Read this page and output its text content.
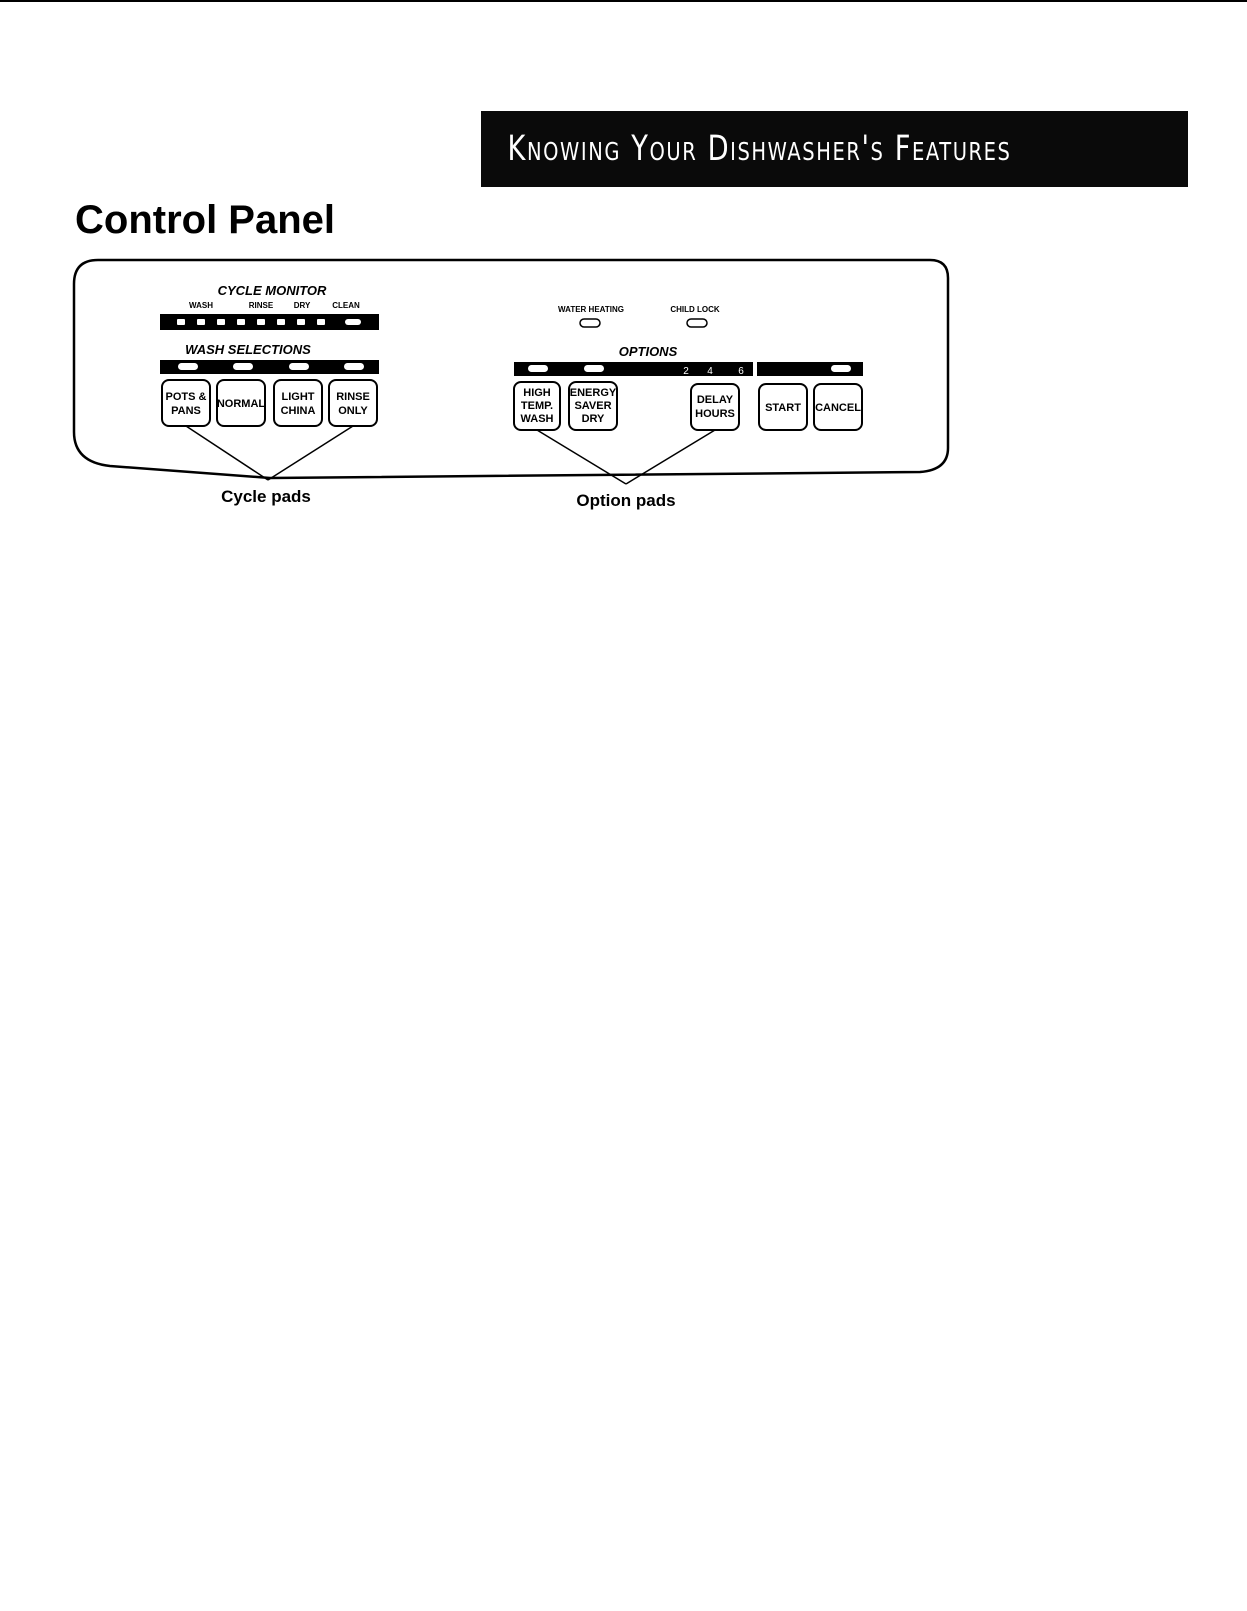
Knowing Your Dishwasher's Features
Control Panel
CYCLE MONITOR
WASH	RINSE	DRY	CLEAN
WASH SELECTIONS
POTS &
PANS
NORMAL
LIGHT
CHINA
RINSE
ONLY
WATER HEATING	CHILD LOCK
OPTIONS
2 4	6
HIGH
TEMP.
WASH
ENERGY
SAVER
DRY
DELAY
HOURS	START CANCEL
Cycle pads	Option pads
